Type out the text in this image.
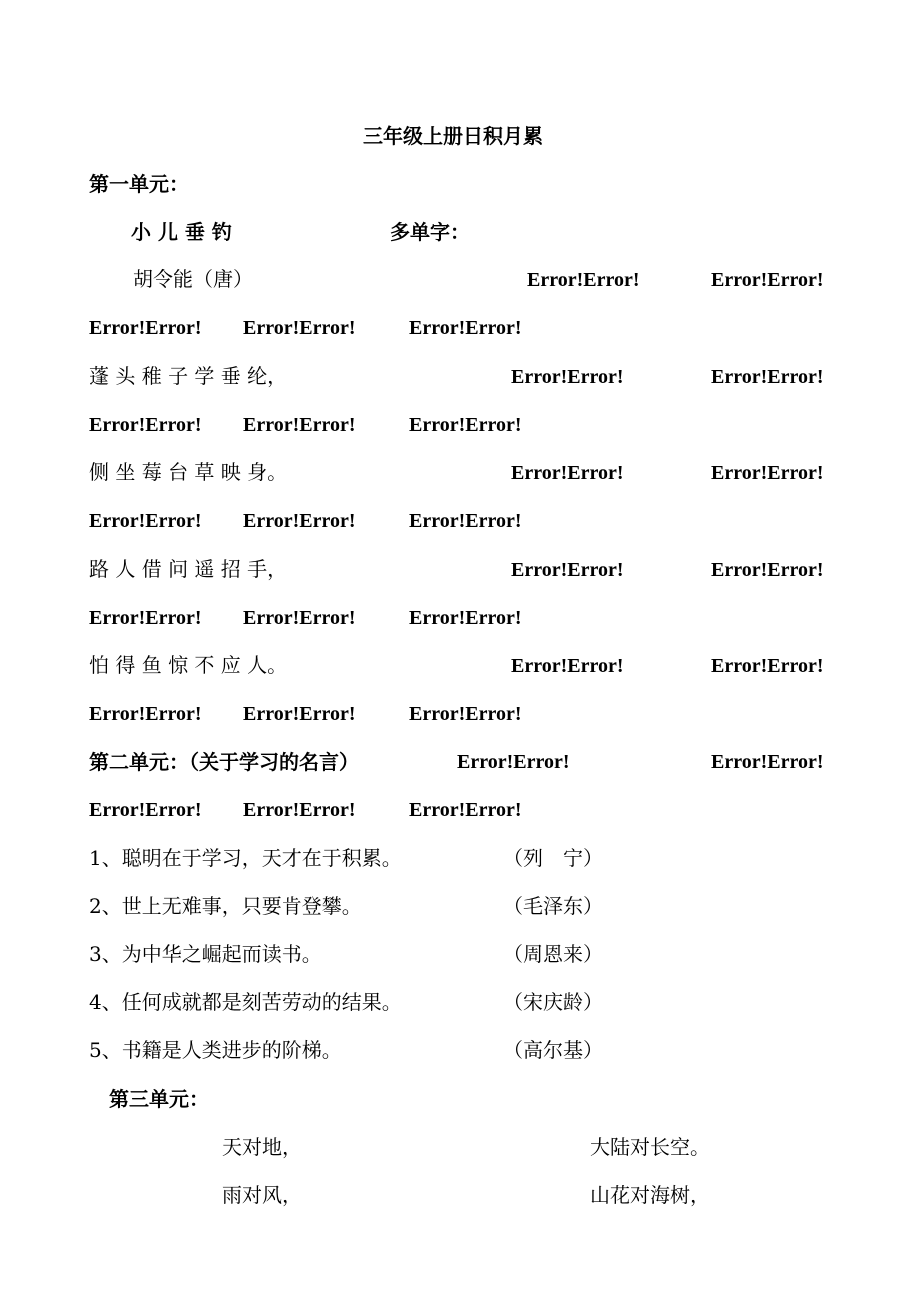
三年级上册日积月累
第一单元：
小 儿 垂 钓	多单字：
胡令能（唐）	Error!Error!	Error!Error!
Error!Error! Error!Error!	Error!Error!
蓬 头 稚 子 学 垂 纶，	Error!Error!	Error!Error!
Error!Error! Error!Error!	Error!Error!
侧 坐 莓 台 草 映 身。	Error!Error!	Error!Error!
Error!Error! Error!Error!	Error!Error!
路 人 借 问 遥 招 手，	Error!Error!	Error!Error!
Error!Error! Error!Error!	Error!Error!
怕 得 鱼 惊 不 应 人。	Error!Error!	Error!Error!
Error!Error! Error!Error!	Error!Error!
第二单元：（关于学习的名言）	Error!Error!	Error!Error!
Error!Error! Error!Error!	Error!Error!
1、聪明在于学习，天才在于积累。	（列　宁）
2、世上无难事，只要肯登攀。	（毛泽东）
3、为中华之崛起而读书。	（周恩来）
4、任何成就都是刻苦劳动的结果。	（宋庆龄）
5、书籍是人类进步的阶梯。	（高尔基）
第三单元：
天对地，	大陆对长空。
雨对风，	山花对海树，
